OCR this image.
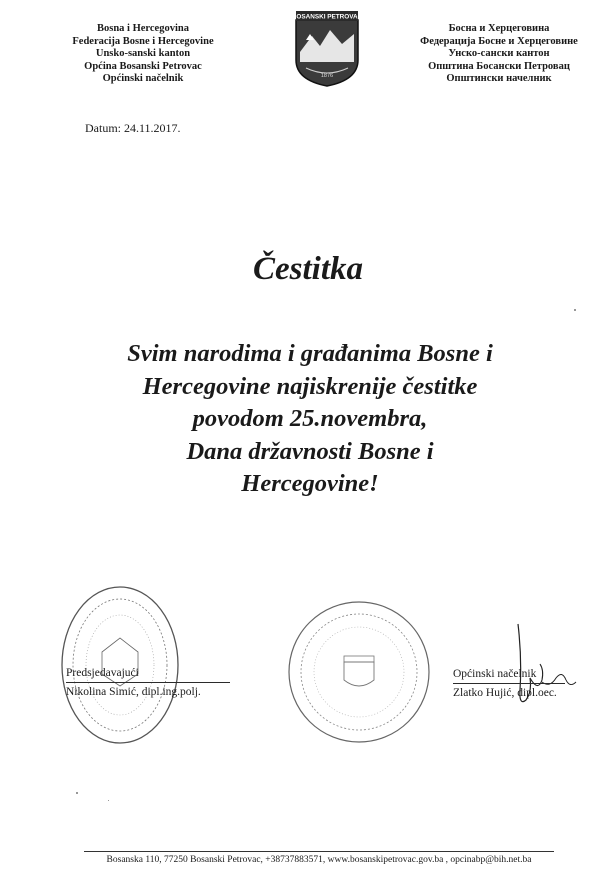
Bosna i Hercegovina
Federacija Bosne i Hercegovine
Unsko-sanski kanton
Općina Bosanski Petrovac
Općinski načelnik
BOSANSKI PETROVAC
1876
Босна и Херцеговина
Федерација Босне и Херцеговине
Унско-сански кантон
Општина Босански Петровац
Општински начелник
Datum: 24.11.2017.
Čestitka
Svim narodima i građanima Bosne i
Hercegovine najiskrenije čestitke
povodom 25.novembra,
Dana državnosti Bosne i
Hercegovine!
Predsjedavajući
Nikolina Simić, dipl.ing.polj.
Općinski načelnik
Zlatko Hujić, dipl.oec.
Bosanska 110, 77250 Bosanski Petrovac, +38737883571, www.bosanskipetrovac.gov.ba , opcinabp@bih.net.ba
